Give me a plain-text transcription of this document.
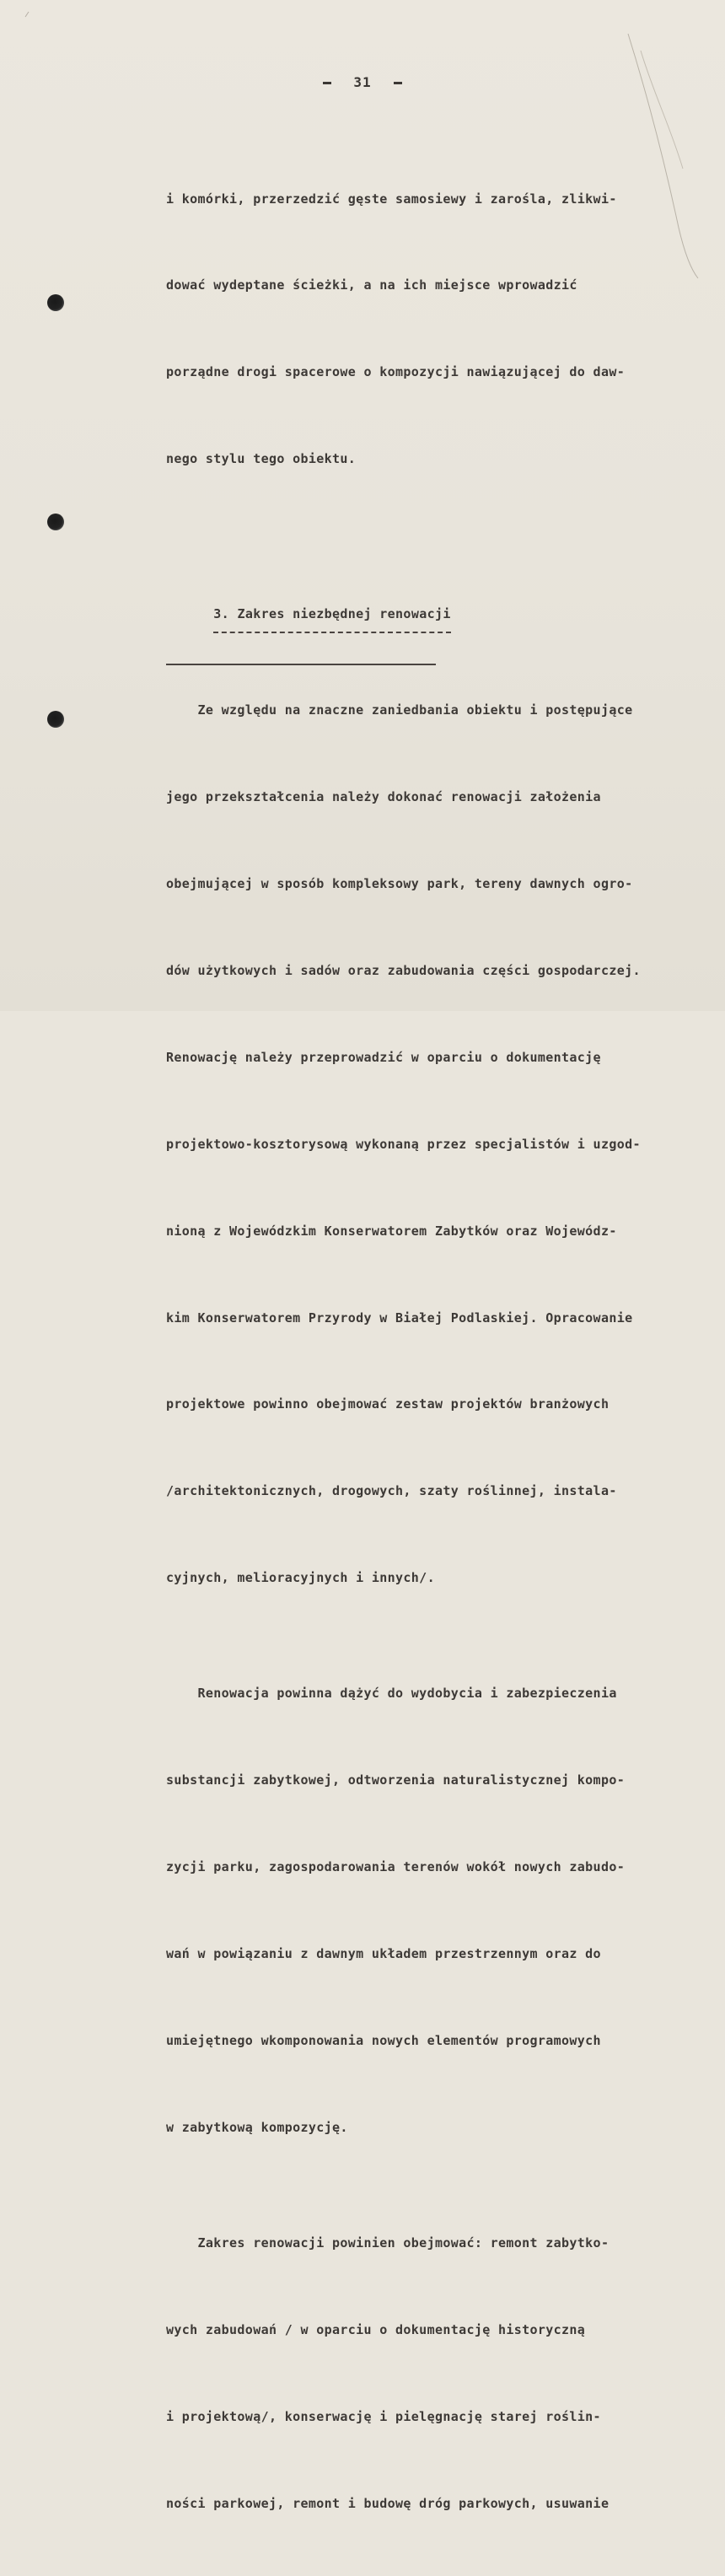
31

i komórki, przerzedzić gęste samosiewy i zarośla, zlikwi-

dować wydeptane ścieżki, a na ich miejsce wprowadzić

porządne drogi spacerowe o kompozycji nawiązującej do daw-

nego stylu tego obiektu.

3. Zakres niezbędnej renowacji

Ze względu na znaczne zaniedbania obiektu i postępujące

jego przekształcenia należy dokonać renowacji założenia

obejmującej w sposób kompleksowy park, tereny dawnych ogro-

dów użytkowych i sadów oraz zabudowania części gospodarczej.

Renowację należy przeprowadzić w oparciu o dokumentację

projektowo-kosztorysową wykonaną przez specjalistów i uzgod-

nioną z Wojewódzkim Konserwatorem Zabytków oraz Wojewódz-

kim Konserwatorem Przyrody w Białej Podlaskiej. Opracowanie

projektowe powinno obejmować zestaw projektów branżowych

/architektonicznych, drogowych, szaty roślinnej, instala-

cyjnych, melioracyjnych i innych/.

Renowacja powinna dążyć do wydobycia i zabezpieczenia

substancji zabytkowej, odtworzenia naturalistycznej kompo-

zycji parku, zagospodarowania terenów wokół nowych zabudo-

wań w powiązaniu z dawnym układem przestrzennym oraz do

umiejętnego wkomponowania nowych elementów programowych

w zabytkową kompozycję.

Zakres renowacji powinien obejmować: remont zabytko-

wych zabudowań / w oparciu o dokumentację historyczną

i projektową/, konserwację i pielęgnację starej roślin-

ności parkowej, remont i budowę dróg parkowych, usuwanie
